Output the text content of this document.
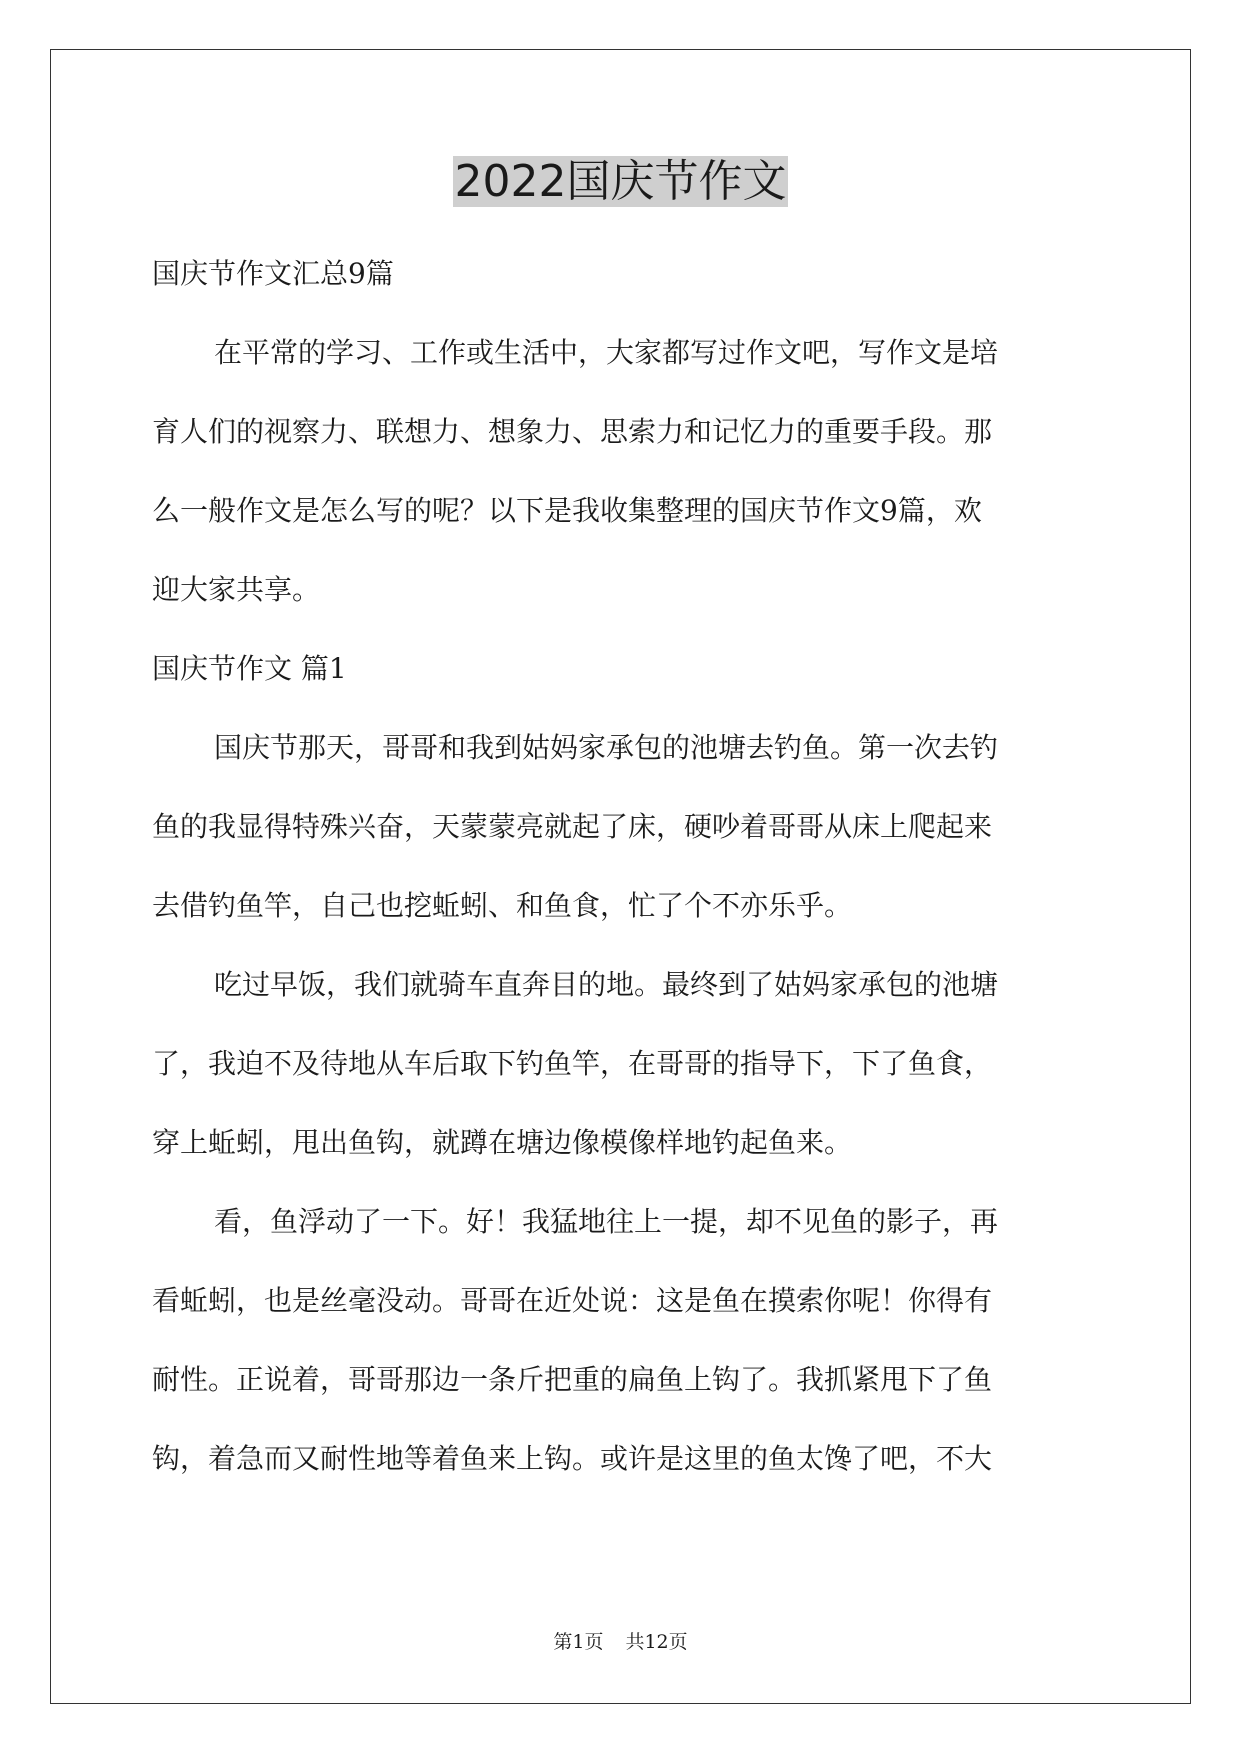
2022国庆节作文

国庆节作文汇总9篇

在平常的学习、工作或生活中，大家都写过作文吧，写作文是培

育人们的视察力、联想力、想象力、思索力和记忆力的重要手段。那

么一般作文是怎么写的呢？以下是我收集整理的国庆节作文9篇，欢

迎大家共享。

国庆节作文 篇1

国庆节那天，哥哥和我到姑妈家承包的池塘去钓鱼。第一次去钓

鱼的我显得特殊兴奋，天蒙蒙亮就起了床，硬吵着哥哥从床上爬起来

去借钓鱼竿，自己也挖蚯蚓、和鱼食，忙了个不亦乐乎。

吃过早饭，我们就骑车直奔目的地。最终到了姑妈家承包的池塘

了，我迫不及待地从车后取下钓鱼竿，在哥哥的指导下，下了鱼食，

穿上蚯蚓，甩出鱼钩，就蹲在塘边像模像样地钓起鱼来。

看，鱼浮动了一下。好！我猛地往上一提，却不见鱼的影子，再

看蚯蚓，也是丝毫没动。哥哥在近处说：这是鱼在摸索你呢！你得有

耐性。正说着，哥哥那边一条斤把重的扁鱼上钩了。我抓紧甩下了鱼

钩，着急而又耐性地等着鱼来上钩。或许是这里的鱼太馋了吧，不大

第1页 共12页
